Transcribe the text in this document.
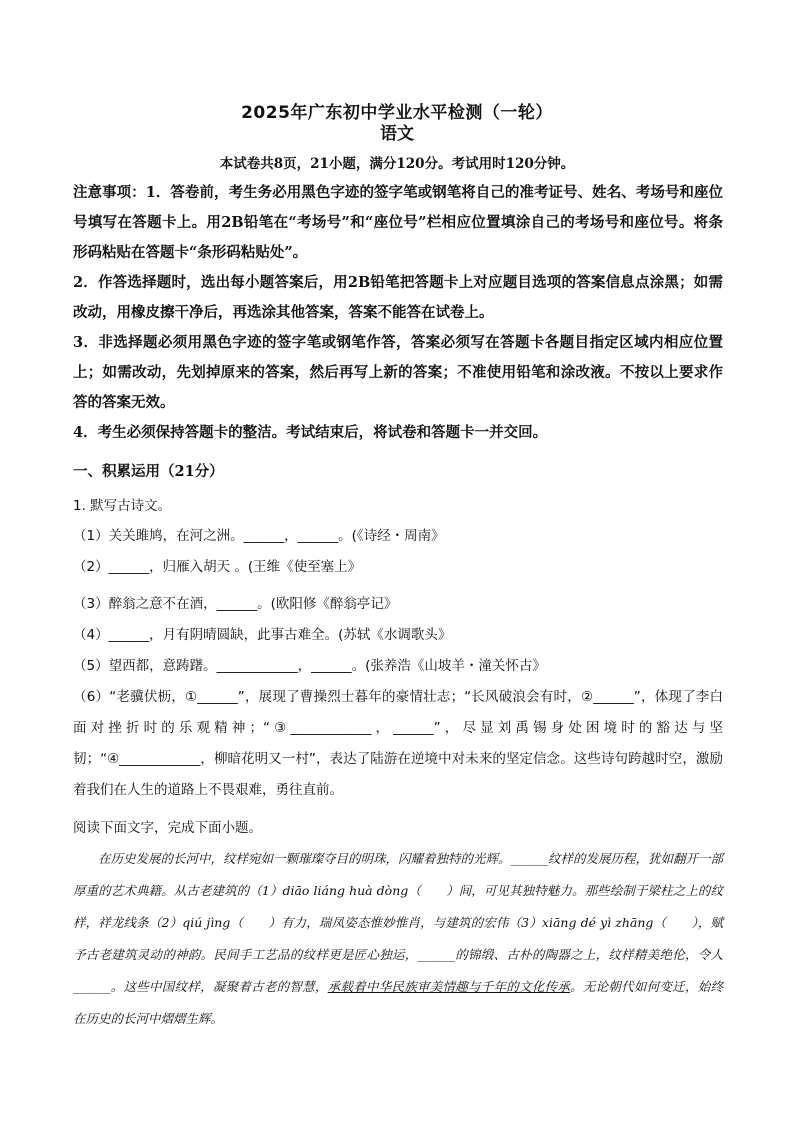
2025年广东初中学业水平检测（一轮）
语文
本试卷共8页，21小题，满分120分。考试用时120分钟。

注意事项：1．答卷前，考生务必用黑色字迹的签字笔或钢笔将自己的准考证号、姓名、考场号和座位号填写在答题卡上。用2B铅笔在“考场号”和“座位号”栏相应位置填涂自己的考场号和座位号。将条形码粘贴在答题卡“条形码粘贴处”。

2．作答选择题时，选出每小题答案后，用2B铅笔把答题卡上对应题目选项的答案信息点涂黑；如需改动，用橡皮擦干净后，再选涂其他答案，答案不能答在试卷上。

3．非选择题必须用黑色字迹的签字笔或钢笔作答，答案必须写在答题卡各题目指定区域内相应位置上；如需改动，先划掉原来的答案，然后再写上新的答案；不准使用铅笔和涂改液。不按以上要求作答的答案无效。

4．考生必须保持答题卡的整洁。考试结束后，将试卷和答题卡一并交回。

一、积累运用（21分）
1. 默写古诗文。
（1）关关雎鸠，在河之洲。______，______。(《诗经・周南》
（2）______，归雁入胡天 。(王维《使至塞上》
（3）醉翁之意不在酒，______。(欧阳修《醉翁亭记》
（4）______，月有阴晴圆缺，此事古难全。(苏轼《水调歌头》
（5）望西都，意踌躇。____________，______。(张养浩《山坡羊・潼关怀古》
（6）“老骥伏枥，①______”，展现了曹操烈士暮年的豪情壮志；“长风破浪会有时，②______”，体现了李白面对挫折时的乐观精神；“③____________，______”，尽显刘禹锡身处困境时的豁达与坚韧；“④____________，柳暗花明又一村”，表达了陆游在逆境中对未来的坚定信念。这些诗句跨越时空，激励着我们在人生的道路上不畏艰难，勇往直前。
阅读下面文字，完成下面小题。
  在历史发展的长河中，纹样宛如一颗璀璨夺目的明珠，闪耀着独特的光辉。______纹样的发展历程，犹如翻开一部厚重的艺术典籍。从古老建筑的（1）diāo liáng huà dòng（　　）间，可见其独特魅力。那些绘制于梁柱之上的纹样，祥龙线条（2）qiú jìng（　　）有力，瑞凤姿态惟妙惟肖，与建筑的宏伟（3）xiāng dé yì zhāng（　　），赋予古老建筑灵动的神韵。民间手工艺品的纹样更是匠心独运，______的锦缎、古朴的陶器之上，纹样精美绝伦，令人______。这些中国纹样，凝聚着古老的智慧，承载着中华民族审美情趣与千年的文化传承。无论朝代如何变迁，始终在历史的长河中熠熠生辉。
